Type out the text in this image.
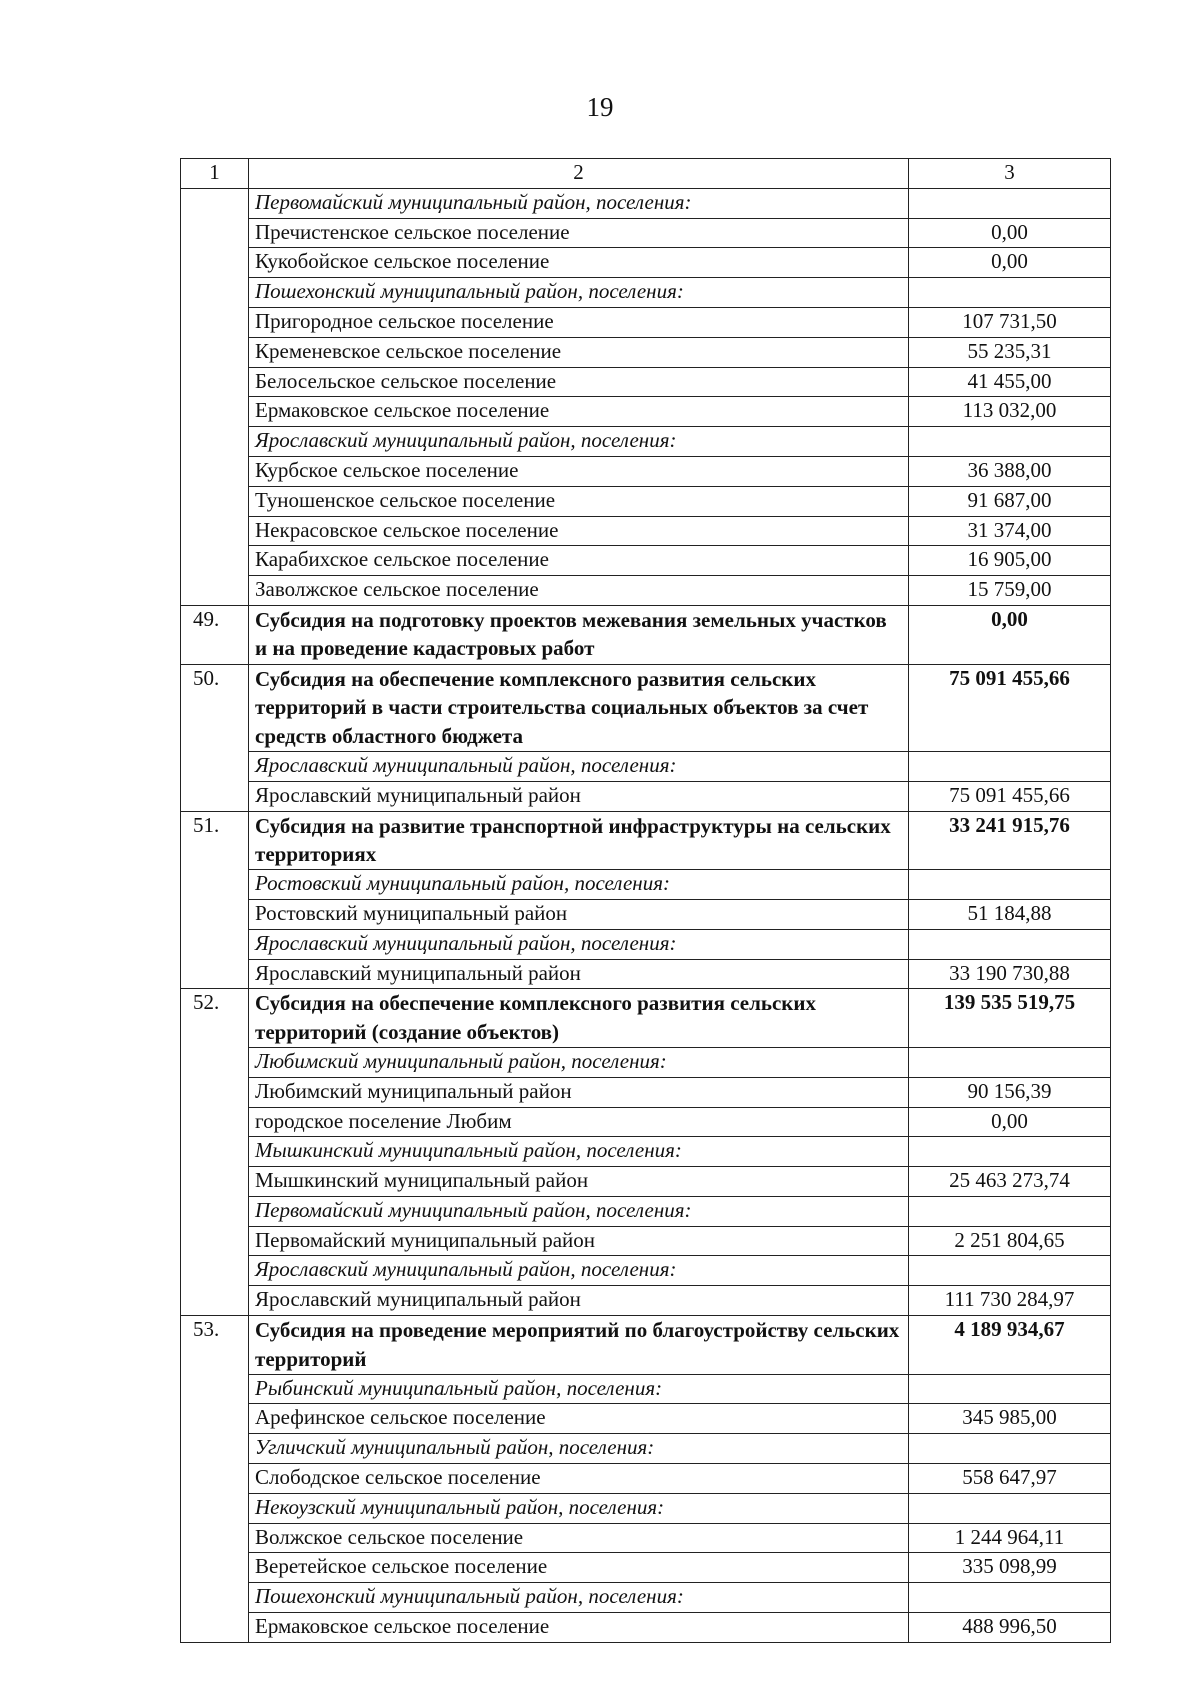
19
1	2	3
	Первомайский муниципальный район, поселения:	
	Пречистенское сельское поселение	0,00
	Кукобойское сельское поселение	0,00
	Пошехонский муниципальный район, поселения:	
	Пригородное сельское поселение	107 731,50
	Кременевское сельское поселение	55 235,31
	Белосельское сельское поселение	41 455,00
	Ермаковское сельское поселение	113 032,00
	Ярославский муниципальный район, поселения:	
	Курбское сельское поселение	36 388,00
	Туношенское сельское поселение	91 687,00
	Некрасовское сельское поселение	31 374,00
	Карабихское сельское поселение	16 905,00
	Заволжское сельское поселение	15 759,00
49.	Субсидия на подготовку проектов межевания земельных участков и на проведение кадастровых работ	0,00
50.	Субсидия на обеспечение комплексного развития сельских территорий в части строительства социальных объектов за счет средств областного бюджета	75 091 455,66
	Ярославский муниципальный район, поселения:	
	Ярославский муниципальный район	75 091 455,66
51.	Субсидия на развитие транспортной инфраструктуры на сельских территориях	33 241 915,76
	Ростовский муниципальный район, поселения:	
	Ростовский муниципальный район	51 184,88
	Ярославский муниципальный район, поселения:	
	Ярославский муниципальный район	33 190 730,88
52.	Субсидия на обеспечение комплексного развития сельских территорий (создание объектов)	139 535 519,75
	Любимский муниципальный район, поселения:	
	Любимский муниципальный район	90 156,39
	городское поселение Любим	0,00
	Мышкинский муниципальный район, поселения:	
	Мышкинский муниципальный район	25 463 273,74
	Первомайский муниципальный район, поселения:	
	Первомайский муниципальный район	2 251 804,65
	Ярославский муниципальный район, поселения:	
	Ярославский муниципальный район	111 730 284,97
53.	Субсидия на проведение мероприятий по благоустройству сельских территорий	4 189 934,67
	Рыбинский муниципальный район, поселения:	
	Арефинское сельское поселение	345 985,00
	Угличский муниципальный район, поселения:	
	Слободское сельское поселение	558 647,97
	Некоузский муниципальный район, поселения:	
	Волжское сельское поселение	1 244 964,11
	Веретейское сельское поселение	335 098,99
	Пошехонский муниципальный район, поселения:	
	Ермаковское сельское поселение	488 996,50
